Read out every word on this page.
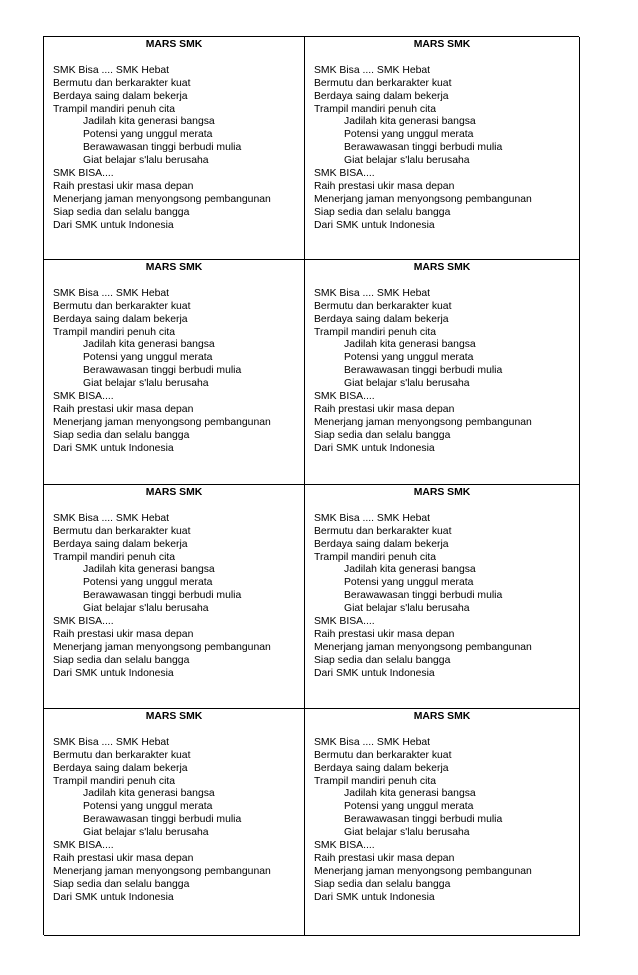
MARS SMK
SMK Bisa .... SMK Hebat
Bermutu dan berkarakter kuat
Berdaya saing dalam bekerja
Trampil mandiri penuh cita
Jadilah kita generasi bangsa
Potensi yang unggul merata
Berawawasan tinggi berbudi mulia
Giat belajar s'lalu berusaha
SMK BISA....
Raih prestasi ukir masa depan
Menerjang jaman menyongsong pembangunan
Siap sedia dan selalu bangga
Dari SMK untuk Indonesia
MARS SMK
SMK Bisa .... SMK Hebat
Bermutu dan berkarakter kuat
Berdaya saing dalam bekerja
Trampil mandiri penuh cita
Jadilah kita generasi bangsa
Potensi yang unggul merata
Berawawasan tinggi berbudi mulia
Giat belajar s'lalu berusaha
SMK BISA....
Raih prestasi ukir masa depan
Menerjang jaman menyongsong pembangunan
Siap sedia dan selalu bangga
Dari SMK untuk Indonesia
MARS SMK
SMK Bisa .... SMK Hebat
Bermutu dan berkarakter kuat
Berdaya saing dalam bekerja
Trampil mandiri penuh cita
Jadilah kita generasi bangsa
Potensi yang unggul merata
Berawawasan tinggi berbudi mulia
Giat belajar s'lalu berusaha
SMK BISA....
Raih prestasi ukir masa depan
Menerjang jaman menyongsong pembangunan
Siap sedia dan selalu bangga
Dari SMK untuk Indonesia
MARS SMK
SMK Bisa .... SMK Hebat
Bermutu dan berkarakter kuat
Berdaya saing dalam bekerja
Trampil mandiri penuh cita
Jadilah kita generasi bangsa
Potensi yang unggul merata
Berawawasan tinggi berbudi mulia
Giat belajar s'lalu berusaha
SMK BISA....
Raih prestasi ukir masa depan
Menerjang jaman menyongsong pembangunan
Siap sedia dan selalu bangga
Dari SMK untuk Indonesia
MARS SMK
SMK Bisa .... SMK Hebat
Bermutu dan berkarakter kuat
Berdaya saing dalam bekerja
Trampil mandiri penuh cita
Jadilah kita generasi bangsa
Potensi yang unggul merata
Berawawasan tinggi berbudi mulia
Giat belajar s'lalu berusaha
SMK BISA....
Raih prestasi ukir masa depan
Menerjang jaman menyongsong pembangunan
Siap sedia dan selalu bangga
Dari SMK untuk Indonesia
MARS SMK
SMK Bisa .... SMK Hebat
Bermutu dan berkarakter kuat
Berdaya saing dalam bekerja
Trampil mandiri penuh cita
Jadilah kita generasi bangsa
Potensi yang unggul merata
Berawawasan tinggi berbudi mulia
Giat belajar s'lalu berusaha
SMK BISA....
Raih prestasi ukir masa depan
Menerjang jaman menyongsong pembangunan
Siap sedia dan selalu bangga
Dari SMK untuk Indonesia
MARS SMK
SMK Bisa .... SMK Hebat
Bermutu dan berkarakter kuat
Berdaya saing dalam bekerja
Trampil mandiri penuh cita
Jadilah kita generasi bangsa
Potensi yang unggul merata
Berawawasan tinggi berbudi mulia
Giat belajar s'lalu berusaha
SMK BISA....
Raih prestasi ukir masa depan
Menerjang jaman menyongsong pembangunan
Siap sedia dan selalu bangga
Dari SMK untuk Indonesia
MARS SMK
SMK Bisa .... SMK Hebat
Bermutu dan berkarakter kuat
Berdaya saing dalam bekerja
Trampil mandiri penuh cita
Jadilah kita generasi bangsa
Potensi yang unggul merata
Berawawasan tinggi berbudi mulia
Giat belajar s'lalu berusaha
SMK BISA....
Raih prestasi ukir masa depan
Menerjang jaman menyongsong pembangunan
Siap sedia dan selalu bangga
Dari SMK untuk Indonesia
